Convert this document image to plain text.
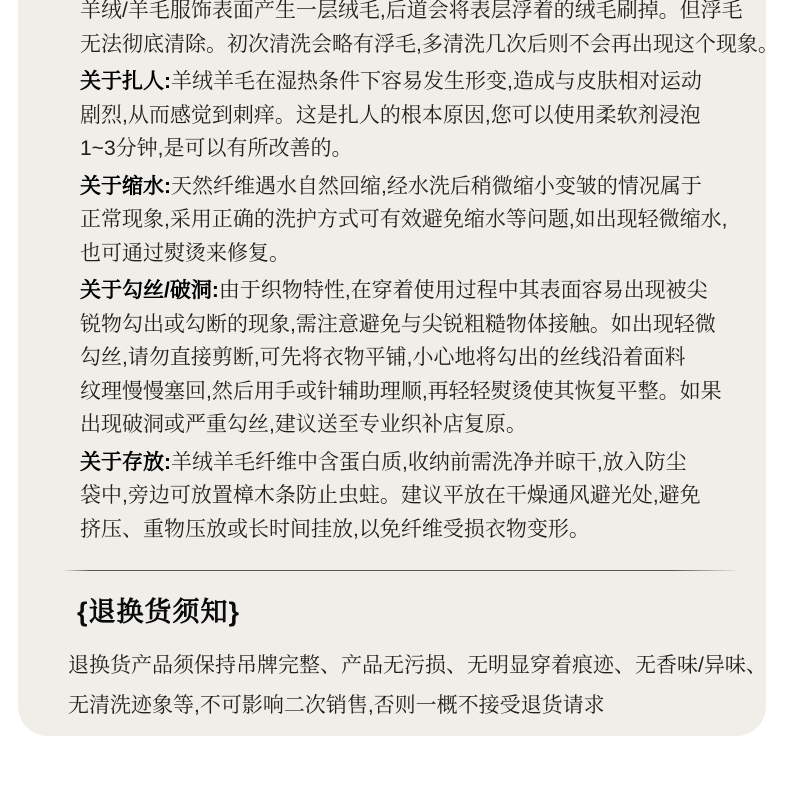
羊绒/羊毛服饰表面产生一层绒毛,后道会将表层浮着的绒毛刷掉。但浮毛
无法彻底清除。初次清洗会略有浮毛,多清洗几次后则不会再出现这个现象。
关于扎人:羊绒羊毛在湿热条件下容易发生形变,造成与皮肤相对运动
剧烈,从而感觉到刺痒。这是扎人的根本原因,您可以使用柔软剂浸泡
1~3分钟,是可以有所改善的。
关于缩水:天然纤维遇水自然回缩,经水洗后稍微缩小变皱的情况属于
正常现象,采用正确的洗护方式可有效避免缩水等问题,如出现轻微缩水,
也可通过熨烫来修复。
关于勾丝/破洞:由于织物特性,在穿着使用过程中其表面容易出现被尖
锐物勾出或勾断的现象,需注意避免与尖锐粗糙物体接触。如出现轻微
勾丝,请勿直接剪断,可先将衣物平铺,小心地将勾出的丝线沿着面料
纹理慢慢塞回,然后用手或针辅助理顺,再轻轻熨烫使其恢复平整。如果
出现破洞或严重勾丝,建议送至专业织补店复原。
关于存放:羊绒羊毛纤维中含蛋白质,收纳前需洗净并晾干,放入防尘
袋中,旁边可放置樟木条防止虫蛀。建议平放在干燥通风避光处,避免
挤压、重物压放或长时间挂放,以免纤维受损衣物变形。
{退换货须知}
退换货产品须保持吊牌完整、产品无污损、无明显穿着痕迹、无香味/异味、
无清洗迹象等,不可影响二次销售,否则一概不接受退货请求
